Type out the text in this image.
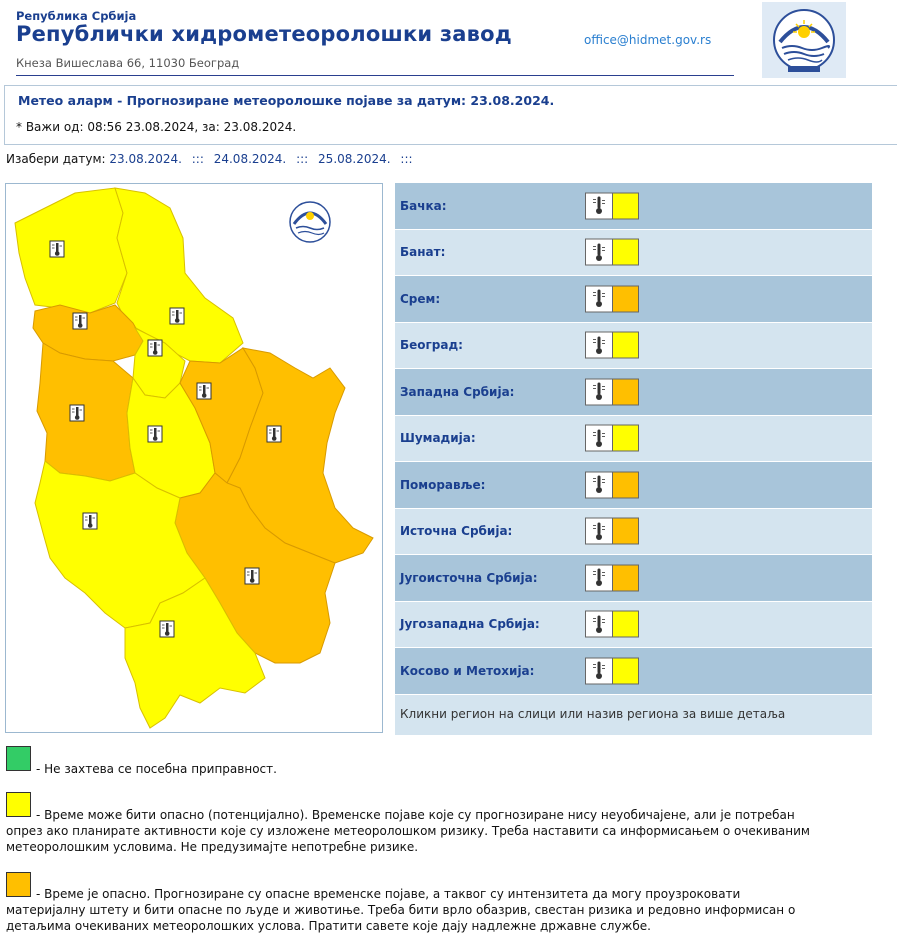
Република Србија
Републички хидрометеоролошки завод
Кнеза Вишеслава 66, 11030 Београд
office@hidmet.gov.rs
Метео аларм - Прогнозиране метеоролошке појаве за датум: 23.08.2024.
* Важи од: 08:56 23.08.2024, за: 23.08.2024.
Изабери датум: 23.08.2024. ::: 24.08.2024. ::: 25.08.2024. :::
Бачка:
Банат:
Срем:
Београд:
Западна Србија:
Шумадија:
Поморавље:
Источна Србија:
Југоисточна Србија:
Југозападна Србија:
Косово и Метохија:
Кликни регион на слици или назив региона за више детаља
- Не захтева се посебна приправност.
- Време може бити опасно (потенцијално). Временске појаве које су прогнозиране нису неуобичајене, али је потребан
опрез ако планирате активности које су изложене метеоролошком ризику. Треба наставити са информисањем о очекиваним
метеоролошким условима. Не предузимајте непотребне ризике.
- Време је опасно. Прогнозиране су опасне временске појаве, а таквог су интензитета да могу проузроковати
материјалну штету и бити опасне по људе и животиње. Треба бити врло обазрив, свестан ризика и редовно информисан о
детаљима очекиваних метеоролошких услова. Пратити савете које дају надлежне државне службе.
